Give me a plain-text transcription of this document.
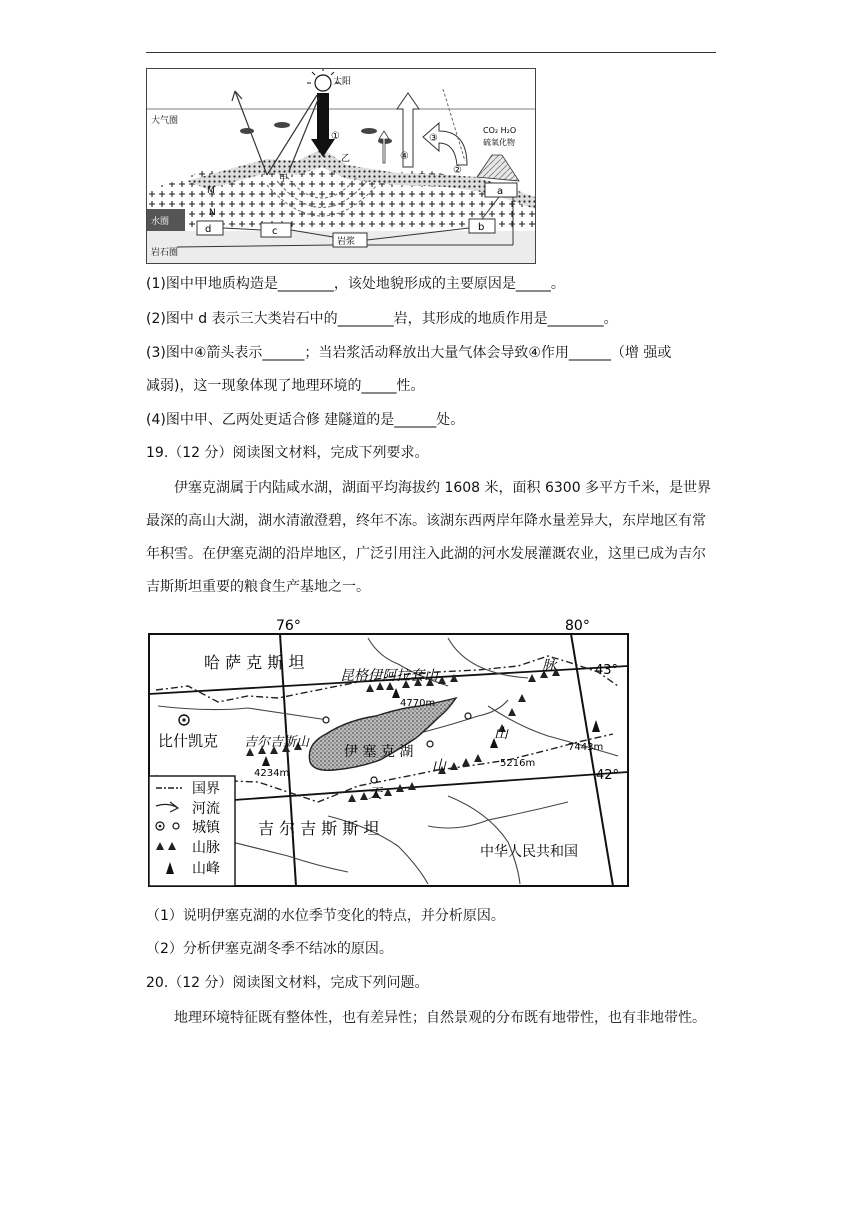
水圈
岩石圈
大气圈
太阳
①
④
③
②
CO₂ H₂O
硫氧化物
甲
乙
M
N
a
d	c
岩浆
b
(1)图中甲地质构造是________，该处地貌形成的主要原因是_____。
(2)图中 d 表示三大类岩石中的________岩，其形成的地质作用是________。
(3)图中④箭头表示______；当岩浆活动释放出大量气体会导致④作用______（增 强或
减弱)，这一现象体现了地理环境的_____性。
(4)图中甲、乙两处更适合修 建隧道的是______处。
19.（12 分）阅读图文材料，完成下列要求。
伊塞克湖属于内陆咸水湖，湖面平均海拔约 1608 米，面积 6300 多平方千米，是世界最深的高山大湖，湖水清澈澄碧，终年不冻。该湖东西两岸年降水量差异大，东岸地区有常年积雪。在伊塞克湖的沿岸地区，广泛引用注入此湖的河水发展灌溉农业，这里已成为吉尔吉斯斯坦重要的粮食生产基地之一。
76°	80°
43°
42°
伊 塞 克 湖
4770m
4234m
5216m
7443m
昆格伊阿拉套山
吉尔吉斯山
天
山
山
脉
哈 萨 克 斯 坦
吉 尔 吉 斯 斯 坦
中华人民共和国
比什凯克
国界
河流
城镇
山脉
山峰
（1）说明伊塞克湖的水位季节变化的特点，并分析原因。
（2）分析伊塞克湖冬季不结冰的原因。
20.（12 分）阅读图文材料，完成下列问题。
地理环境特征既有整体性，也有差异性；自然景观的分布既有地带性，也有非地带性。
